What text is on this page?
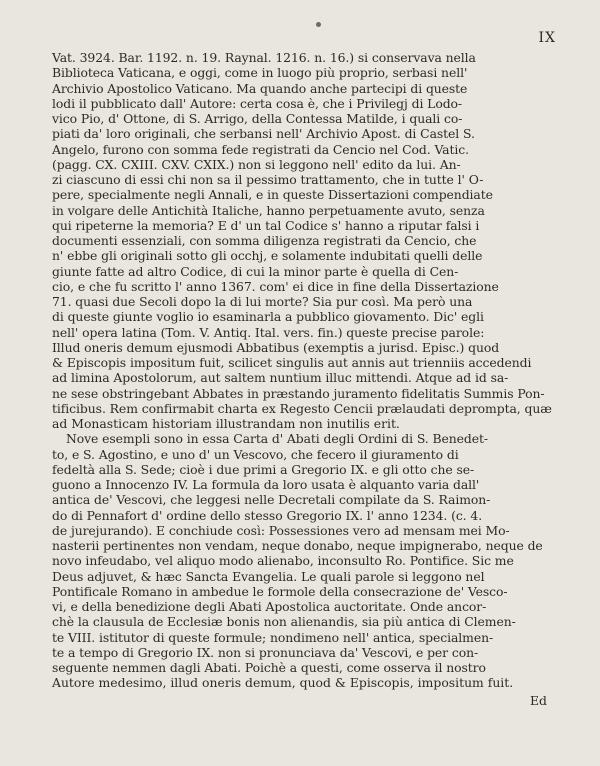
IX
Vat. 3924. Bar. 1192. n. 19. Raynal. 1216. n. 16.) si conservava nella
Biblioteca Vaticana, e oggi, come in luogo più proprio, serbasi nell'
Archivio Apostolico Vaticano. Ma quando anche partecipi di queste
lodi il pubblicato dall' Autore: certa cosa è, che i Privilegj di Lodo-
vico Pio, d' Ottone, di S. Arrigo, della Contessa Matilde, i quali co-
piati da' loro originali, che serbansi nell' Archivio Apost. di Castel S.
Angelo, furono con somma fede registrati da Cencio nel Cod. Vatic.
(pagg. CX. CXIII. CXV. CXIX.) non si leggono nell' edito da lui. An-
zi ciascuno di essi chi non sa il pessimo trattamento, che in tutte l' O-
pere, specialmente negli Annali, e in queste Dissertazioni compendiate
in volgare delle Antichità Italiche, hanno perpetuamente avuto, senza
qui ripeterne la memoria? E d' un tal Codice s' hanno a riputar falsi i
documenti essenziali, con somma diligenza registrati da Cencio, che
n' ebbe gli originali sotto gli occhj, e solamente indubitati quelli delle
giunte fatte ad altro Codice, di cui la minor parte è quella di Cen-
cio, e che fu scritto l' anno 1367. com' ei dice in fine della Dissertazione
71. quasi due Secoli dopo la di lui morte? Sia pur così. Ma però una
di queste giunte voglio io esaminarla a pubblico giovamento. Dic' egli
nell' opera latina (Tom. V. Antiq. Ital. vers. fin.) queste precise parole:
Illud oneris demum ejusmodi Abbatibus (exemptis a jurisd. Episc.) quod
& Episcopis impositum fuit, scilicet singulis aut annis aut trienniis accedendi
ad limina Apostolorum, aut saltem nuntium illuc mittendi. Atque ad id sa-
ne sese obstringebant Abbates in præstando juramento fidelitatis Summis Pon-
tificibus. Rem confirmabit charta ex Regesto Cencii prælaudati deprompta, quæ
ad Monasticam historiam illustrandam non inutilis erit.
Nove esempli sono in essa Carta d' Abati degli Ordini di S. Benedet-
to, e S. Agostino, e uno d' un Vescovo, che fecero il giuramento di
fedeltà alla S. Sede; cioè i due primi a Gregorio IX. e gli otto che se-
guono a Innocenzo IV. La formula da loro usata è alquanto varia dall'
antica de' Vescovi, che leggesi nelle Decretali compilate da S. Raimon-
do di Pennafort d' ordine dello stesso Gregorio IX. l' anno 1234. (c. 4.
de jurejurando). E conchiude così: Possessiones vero ad mensam mei Mo-
nasterii pertinentes non vendam, neque donabo, neque impignerabo, neque de
novo infeudabo, vel aliquo modo alienabo, inconsulto Ro. Pontifice. Sic me
Deus adjuvet, & hæc Sancta Evangelia. Le quali parole si leggono nel
Pontificale Romano in ambedue le formole della consecrazione de' Vesco-
vi, e della benedizione degli Abati Apostolica auctoritate. Onde ancor-
chè la clausula de Ecclesiæ bonis non alienandis, sia più antica di Clemen-
te VIII. istitutor di queste formule; nondimeno nell' antica, specialmen-
te a tempo di Gregorio IX. non si pronunciava da' Vescovi, e per con-
seguente nemmen dagli Abati. Poichè a questi, come osserva il nostro
Autore medesimo, illud oneris demum, quod & Episcopis, impositum fuit.
Ed
